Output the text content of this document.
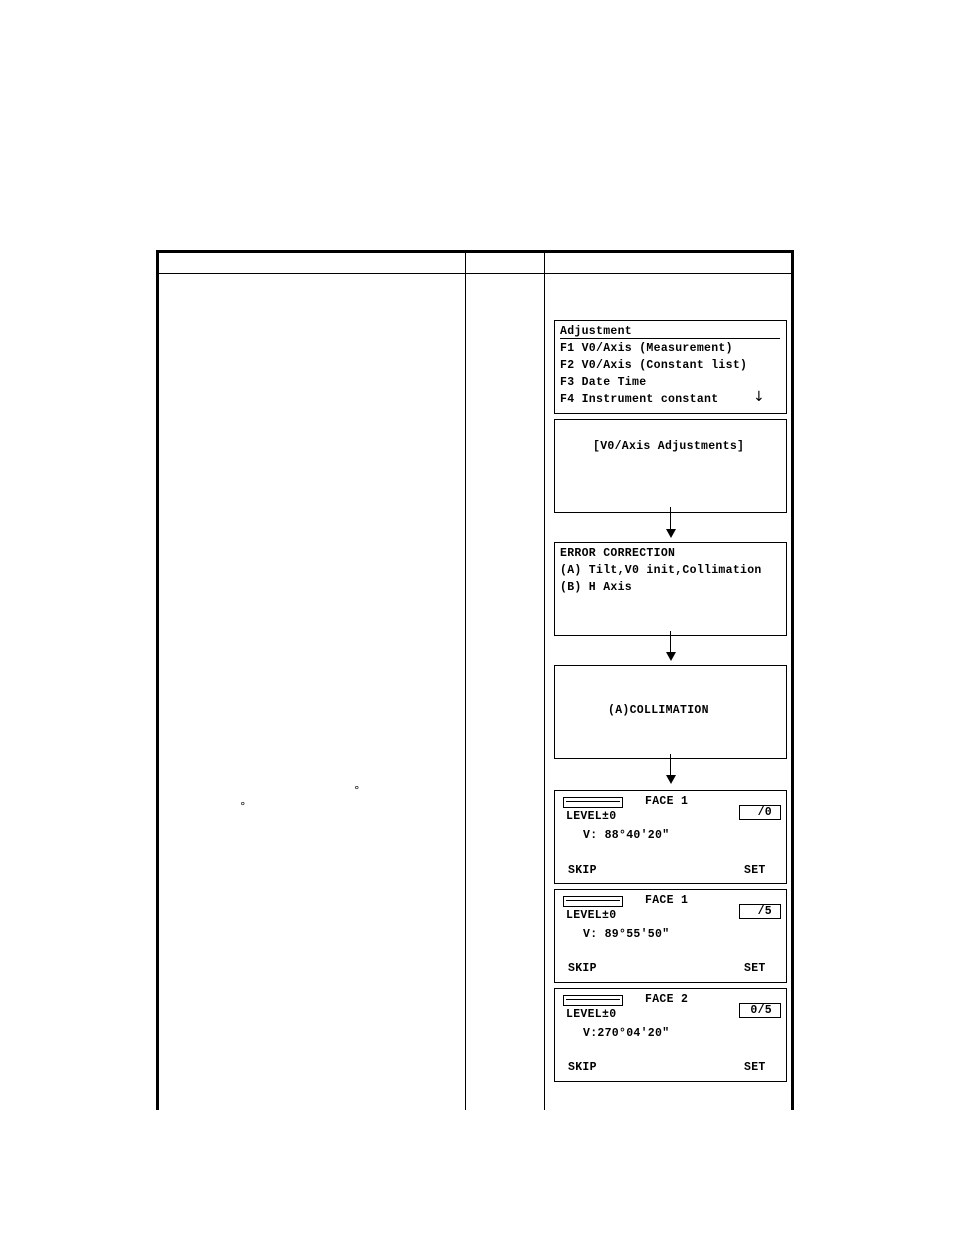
°
°
Adjustment
F1 V0/Axis (Measurement)
F2 V0/Axis (Constant list)
F3 Date Time
F4 Instrument constant ↓
[V0/Axis Adjustments]
ERROR CORRECTION
(A) Tilt,V0 init,Collimation
(B) H Axis
(A)COLLIMATION
FACE 1
LEVEL±0	/0
V: 88°40'20"
SKIP	SET
FACE 1
LEVEL±0	/5
V: 89°55'50"
SKIP	SET
FACE 2
LEVEL±0	0/5
V:270°04'20"
SKIP	SET
